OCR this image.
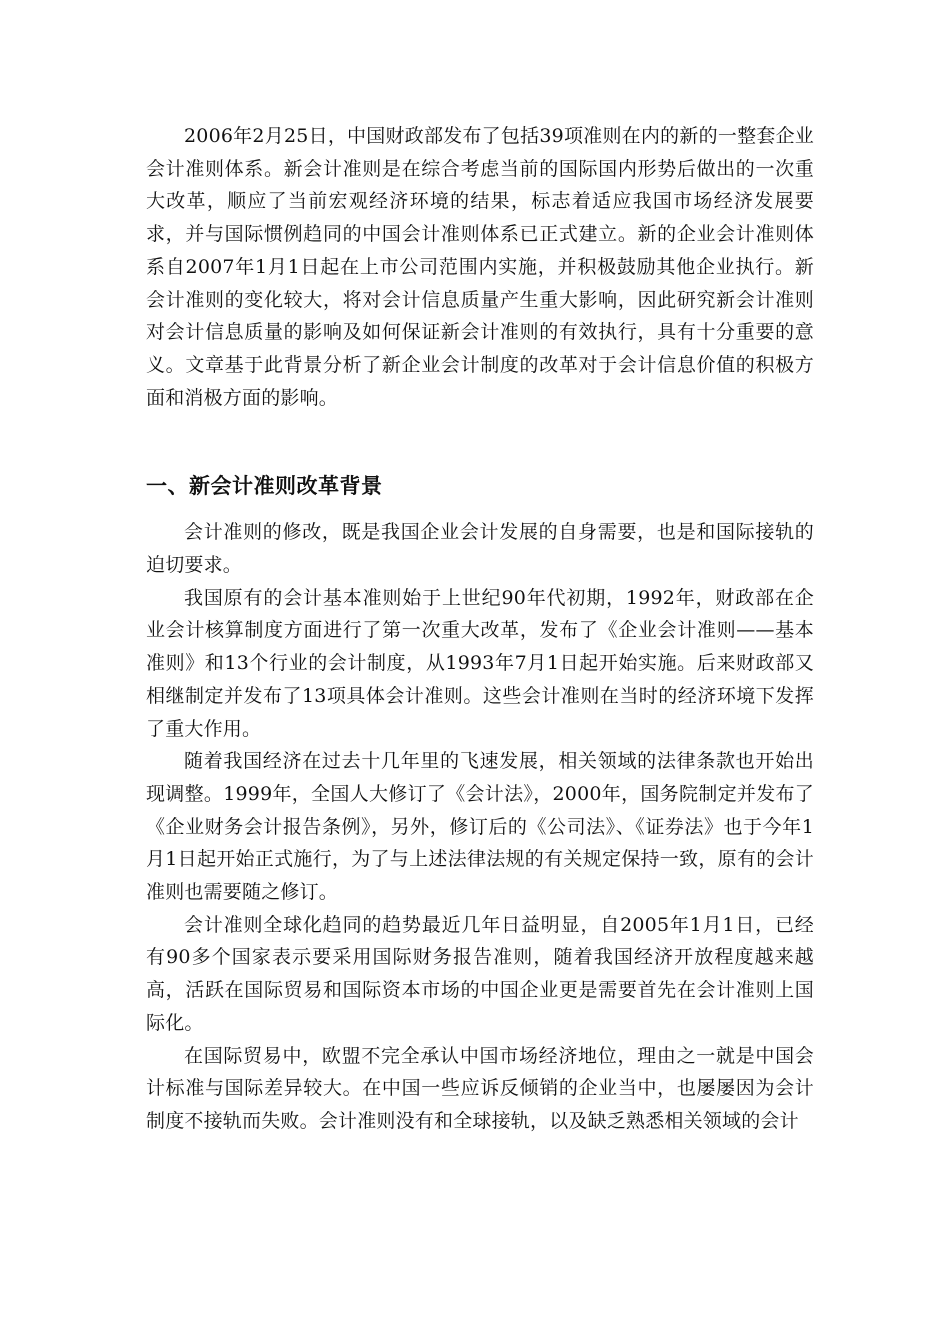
2006年2月25日，中国财政部发布了包括39项准则在内的新的一整套企业会计准则体系。新会计准则是在综合考虑当前的国际国内形势后做出的一次重大改革，顺应了当前宏观经济环境的结果，标志着适应我国市场经济发展要求，并与国际惯例趋同的中国会计准则体系已正式建立。新的企业会计准则体系自2007年1月1日起在上市公司范围内实施，并积极鼓励其他企业执行。新会计准则的变化较大，将对会计信息质量产生重大影响，因此研究新会计准则对会计信息质量的影响及如何保证新会计准则的有效执行，具有十分重要的意义。文章基于此背景分析了新企业会计制度的改革对于会计信息价值的积极方面和消极方面的影响。

一、新会计准则改革背景

会计准则的修改，既是我国企业会计发展的自身需要，也是和国际接轨的迫切要求。

我国原有的会计基本准则始于上世纪90年代初期，1992年，财政部在企业会计核算制度方面进行了第一次重大改革，发布了《企业会计准则——基本准则》和13个行业的会计制度，从1993年7月1日起开始实施。后来财政部又相继制定并发布了13项具体会计准则。这些会计准则在当时的经济环境下发挥了重大作用。

随着我国经济在过去十几年里的飞速发展，相关领域的法律条款也开始出现调整。1999年，全国人大修订了《会计法》，2000年，国务院制定并发布了《企业财务会计报告条例》，另外，修订后的《公司法》、《证券法》也于今年1月1日起开始正式施行，为了与上述法律法规的有关规定保持一致，原有的会计准则也需要随之修订。

会计准则全球化趋同的趋势最近几年日益明显，自2005年1月1日，已经有90多个国家表示要采用国际财务报告准则，随着我国经济开放程度越来越高，活跃在国际贸易和国际资本市场的中国企业更是需要首先在会计准则上国际化。

在国际贸易中，欧盟不完全承认中国市场经济地位，理由之一就是中国会计标准与国际差异较大。在中国一些应诉反倾销的企业当中，也屡屡因为会计制度不接轨而失败。会计准则没有和全球接轨，以及缺乏熟悉相关领域的会计
